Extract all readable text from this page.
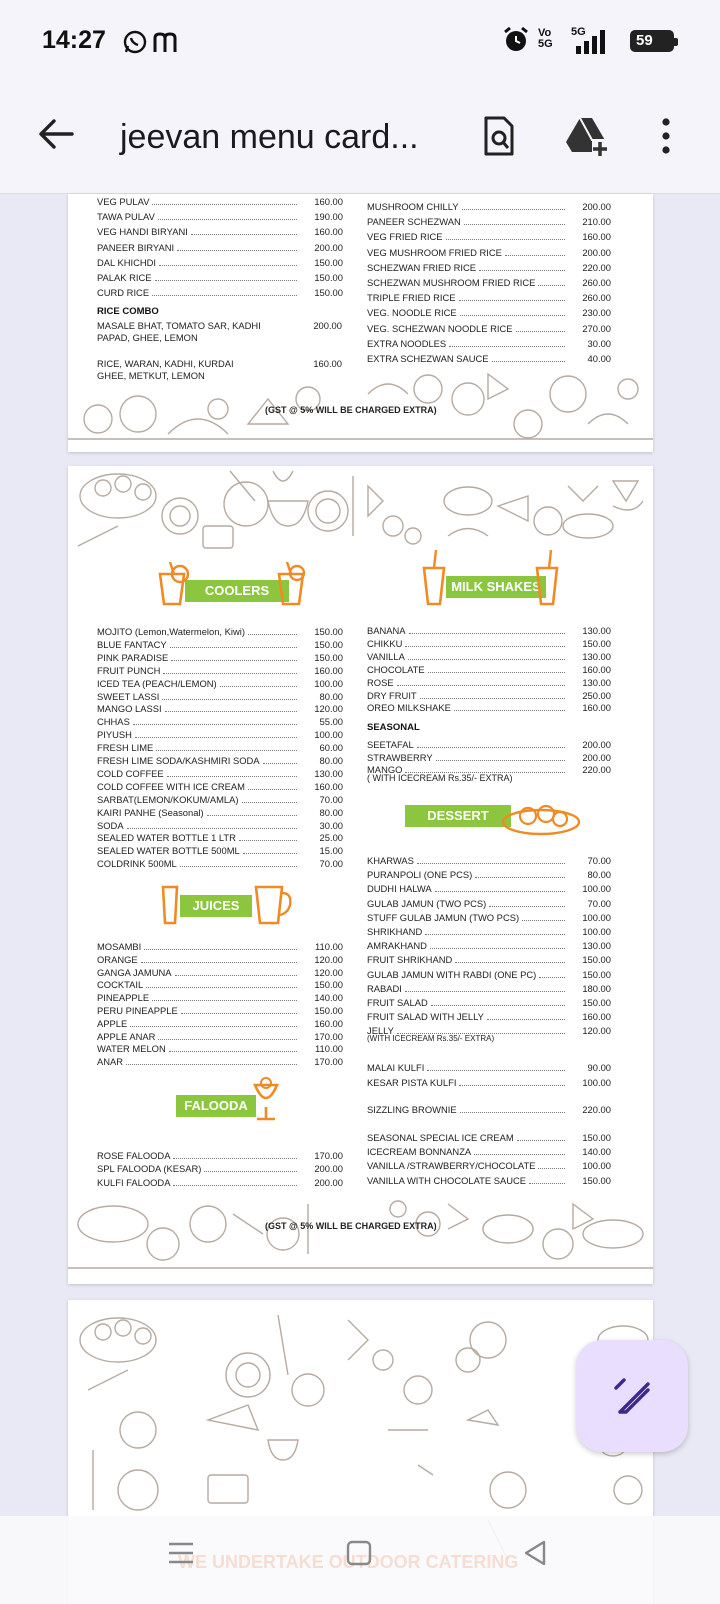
14:27	Vo 5G
5G	59
jeevan menu card...
VEG PULAV	160.00
TAWA PULAV	190.00
VEG HANDI BIRYANI	160.00
PANEER BIRYANI	200.00
DAL KHICHDI	150.00
PALAK RICE	150.00
CURD RICE	150.00
RICE COMBO
MASALE BHAT, TOMATO SAR, KADHI
PAPAD, GHEE, LEMON
200.00
RICE, WARAN, KADHI, KURDAI
GHEE, METKUT, LEMON
160.00
MUSHROOM CHILLY	200.00
PANEER SCHEZWAN	210.00
VEG FRIED RICE	160.00
VEG MUSHROOM FRIED RICE	200.00
SCHEZWAN FRIED RICE	220.00
SCHEZWAN MUSHROOM FRIED RICE	260.00
TRIPLE FRIED RICE	260.00
VEG. NOODLE RICE	230.00
VEG. SCHEZWAN NOODLE RICE	270.00
EXTRA NOODLES	30.00
EXTRA SCHEZWAN SAUCE	40.00
(GST @ 5% WILL BE CHARGED EXTRA)
COOLERS
MOJITO (Lemon,Watermelon, Kiwi)	150.00
BLUE FANTACY	150.00
PINK PARADISE	150.00
FRUIT PUNCH	160.00
ICED TEA (PEACH/LEMON)	100.00
SWEET LASSI	80.00
MANGO LASSI	120.00
CHHAS	55.00
PIYUSH	100.00
FRESH LIME	60.00
FRESH LIME SODA/KASHMIRI SODA	80.00
COLD COFFEE	130.00
COLD COFFEE WITH ICE CREAM	160.00
SARBAT(LEMON/KOKUM/AMLA)	70.00
KAIRI PANHE (Seasonal)	80.00
SODA	30.00
SEALED WATER BOTTLE 1 LTR	25.00
SEALED WATER BOTTLE 500ML	15.00
COLDRINK 500ML	70.00
JUICES
MOSAMBI	110.00
ORANGE	120.00
GANGA JAMUNA	120.00
COCKTAIL	150.00
PINEAPPLE	140.00
PERU PINEAPPLE	150.00
APPLE	160.00
APPLE ANAR	170.00
WATER MELON	110.00
ANAR	170.00
FALOODA
ROSE FALOODA	170.00
SPL FALOODA (KESAR)	200.00
KULFI FALOODA	200.00
MILK SHAKES
BANANA	130.00
CHIKKU	150.00
VANILLA	130.00
CHOCOLATE	160.00
ROSE	130.00
DRY FRUIT	250.00
OREO MILKSHAKE	160.00
SEASONAL
SEETAFAL	200.00
STRAWBERRY	200.00
MANGO	220.00
( WITH ICECREAM Rs.35/- EXTRA)
DESSERT
KHARWAS	70.00
PURANPOLI (ONE PCS)	80.00
DUDHI HALWA	100.00
GULAB JAMUN (TWO PCS)	70.00
STUFF GULAB JAMUN (TWO PCS)	100.00
SHRIKHAND	100.00
AMRAKHAND	130.00
FRUIT SHRIKHAND	150.00
GULAB JAMUN WITH RABDI (ONE PC)	150.00
RABADI	180.00
FRUIT SALAD	150.00
FRUIT SALAD WITH JELLY	160.00
JELLY	120.00
(WITH ICECREAM Rs.35/- EXTRA)
MALAI KULFI	90.00
KESAR PISTA KULFI	100.00
SIZZLING BROWNIE	220.00
SEASONAL SPECIAL ICE CREAM	150.00
ICECREAM BONNANZA	140.00
VANILLA /STRAWBERRY/CHOCOLATE	100.00
VANILLA WITH CHOCOLATE SAUCE	150.00
(GST @ 5% WILL BE CHARGED EXTRA)
WE UNDERTAKE OUTDOOR CATERING
